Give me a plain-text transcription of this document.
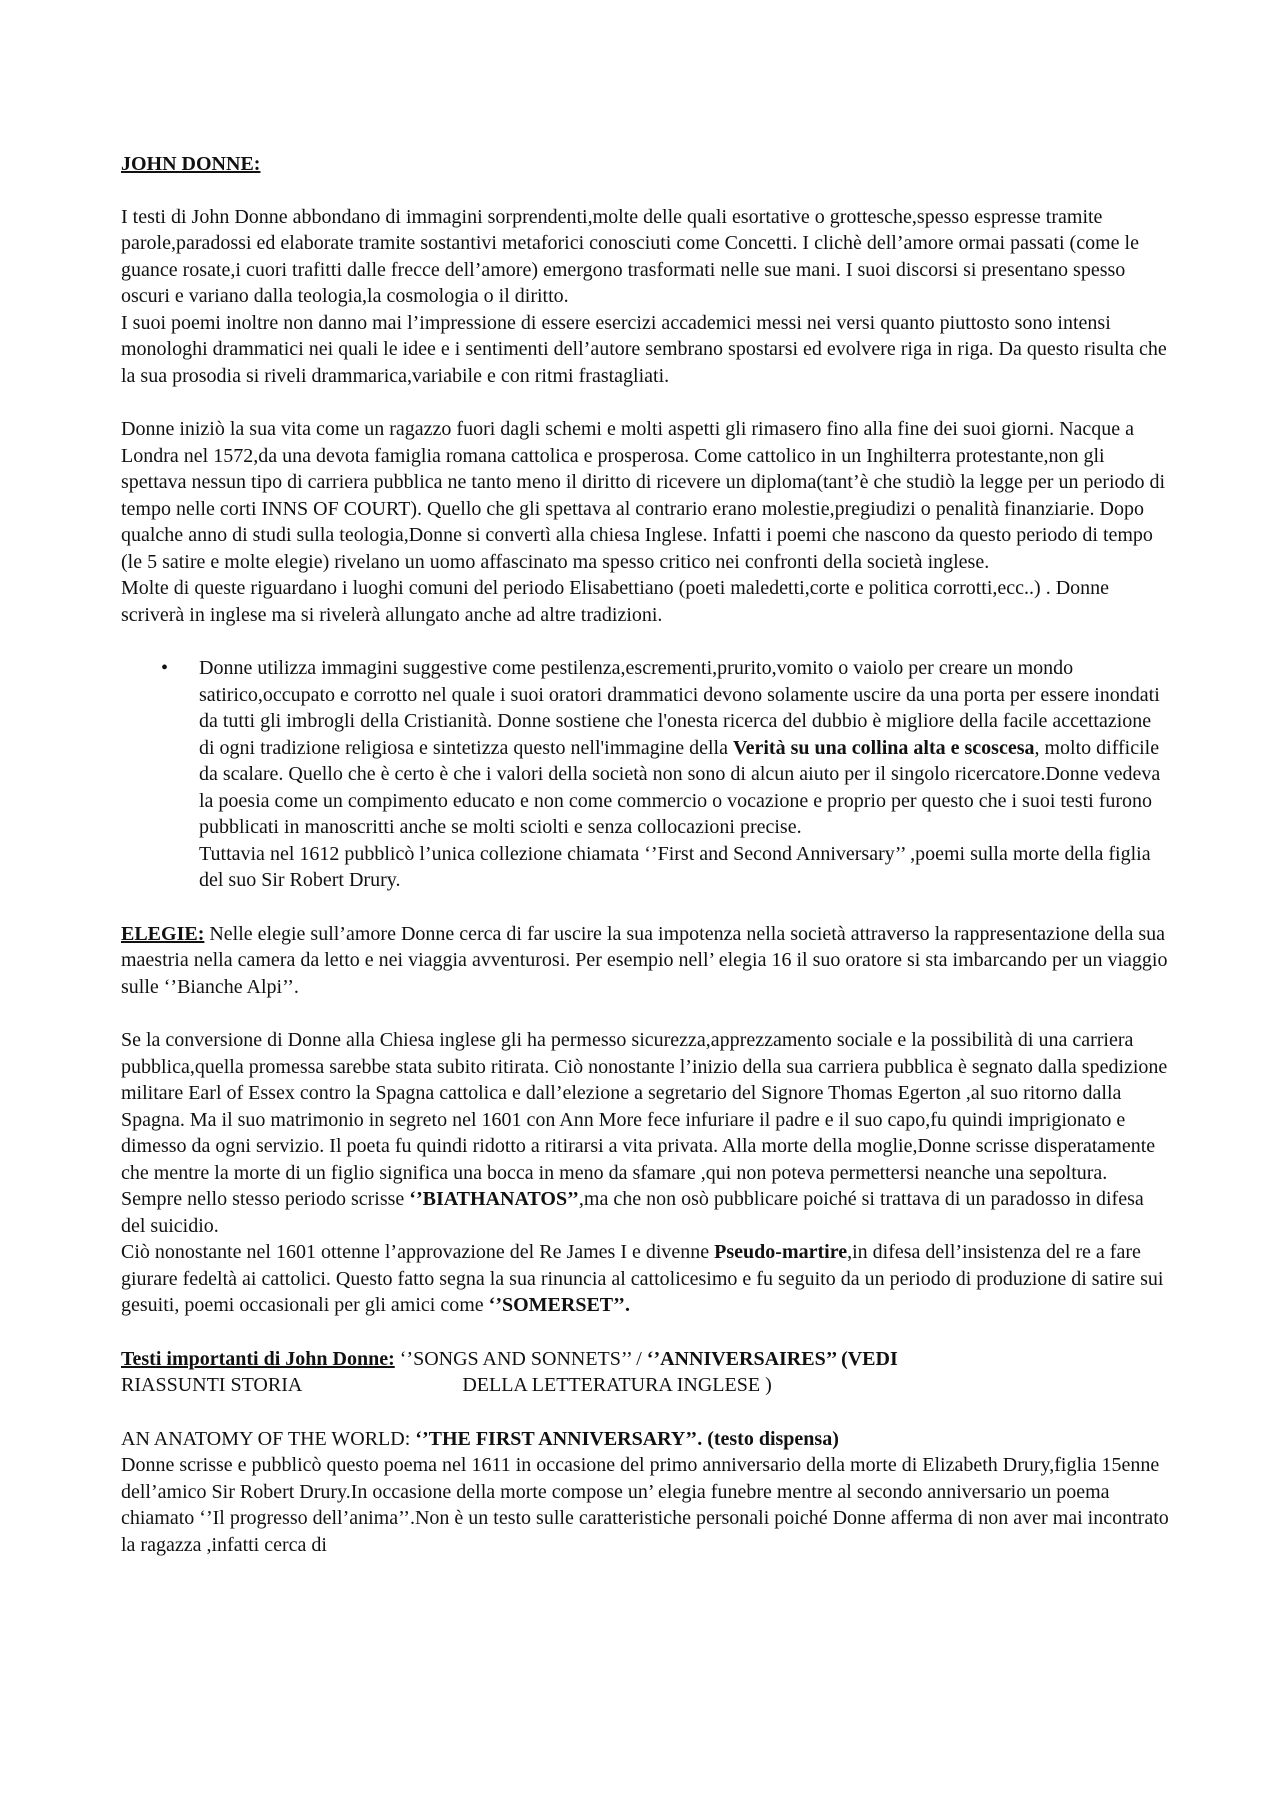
JOHN DONNE:

I testi di John Donne abbondano di immagini sorprendenti,molte delle quali esortative o grottesche,spesso espresse tramite parole,paradossi ed elaborate tramite sostantivi metaforici conosciuti come Concetti. I clichè dell’amore ormai passati (come le guance rosate,i cuori trafitti dalle frecce dell’amore) emergono trasformati nelle sue mani. I suoi discorsi si presentano spesso oscuri e variano dalla teologia,la cosmologia o il diritto.

I suoi poemi inoltre non danno mai l’impressione di essere esercizi accademici messi nei versi quanto piuttosto sono intensi monologhi drammatici nei quali le idee e i sentimenti dell’autore sembrano spostarsi ed evolvere riga in riga. Da questo risulta che la sua prosodia si riveli drammarica,variabile e con ritmi frastagliati.

Donne iniziò la sua vita come un ragazzo fuori dagli schemi e molti aspetti gli rimasero fino alla fine dei suoi giorni. Nacque a Londra nel 1572,da una devota famiglia romana cattolica e prosperosa. Come cattolico in un Inghilterra protestante,non gli spettava nessun tipo di carriera pubblica ne tanto meno il diritto di ricevere un diploma(tant’è che studiò la legge per un periodo di tempo nelle corti INNS OF COURT). Quello che gli spettava al contrario erano molestie,pregiudizi o penalità finanziarie. Dopo qualche anno di studi sulla teologia,Donne si convertì alla chiesa Inglese. Infatti i poemi che nascono da questo periodo di tempo (le 5 satire e molte elegie) rivelano un uomo affascinato ma spesso critico nei confronti della società inglese.

Molte di queste riguardano i luoghi comuni del periodo Elisabettiano (poeti maledetti,corte e politica corrotti,ecc..) . Donne scriverà in inglese ma si rivelerà allungato anche ad altre tradizioni.

• Donne utilizza immagini suggestive come pestilenza,escrementi,prurito,vomito o vaiolo per creare un mondo satirico,occupato e corrotto nel quale i suoi oratori drammatici devono solamente uscire da una porta per essere inondati da tutti gli imbrogli della Cristianità. Donne sostiene che l'onesta ricerca del dubbio è migliore della facile accettazione di ogni tradizione religiosa e sintetizza questo nell'immagine della Verità su una collina alta e scoscesa, molto difficile da scalare. Quello che è certo è che i valori della società non sono di alcun aiuto per il singolo ricercatore.Donne vedeva la poesia come un compimento educato e non come commercio o vocazione e proprio per questo che i suoi testi furono pubblicati in manoscritti anche se molti sciolti e senza collocazioni precise.

Tuttavia nel 1612 pubblicò l’unica collezione chiamata ‘’First and Second Anniversary’’ ,poemi sulla morte della figlia del suo Sir Robert Drury.

ELEGIE: Nelle elegie sull’amore Donne cerca di far uscire la sua impotenza nella società attraverso la rappresentazione della sua maestria nella camera da letto e nei viaggia avventurosi. Per esempio nell’ elegia 16 il suo oratore si sta imbarcando per un viaggio sulle ‘’Bianche Alpi’’.

Se la conversione di Donne alla Chiesa inglese gli ha permesso sicurezza,apprezzamento sociale e la possibilità di una carriera pubblica,quella promessa sarebbe stata subito ritirata. Ciò nonostante l’inizio della sua carriera pubblica è segnato dalla spedizione militare Earl of Essex contro la Spagna cattolica e dall’elezione a segretario del Signore Thomas Egerton ,al suo ritorno dalla Spagna. Ma il suo matrimonio in segreto nel 1601 con Ann More fece infuriare il padre e il suo capo,fu quindi imprigionato e dimesso da ogni servizio. Il poeta fu quindi ridotto a ritirarsi a vita privata. Alla morte della moglie,Donne scrisse disperatamente che mentre la morte di un figlio significa una bocca in meno da sfamare ,qui non poteva permettersi neanche una sepoltura. Sempre nello stesso periodo scrisse ‘’BIATHANATOS’’,ma che non osò pubblicare poiché si trattava di un paradosso in difesa del suicidio.

Ciò nonostante nel 1601 ottenne l’approvazione del Re James I e divenne Pseudo-martire,in difesa dell’insistenza del re a fare giurare fedeltà ai cattolici. Questo fatto segna la sua rinuncia al cattolicesimo e fu seguito da un periodo di produzione di satire sui gesuiti, poemi occasionali per gli amici come ‘’SOMERSET’’.

Testi importanti di John Donne: ‘’SONGS AND SONNETS’’ / ‘’ANNIVERSAIRES’’ (VEDI
RIASSUNTI STORIA	DELLA LETTERATURA INGLESE )

AN ANATOMY OF THE WORLD: ‘’THE FIRST ANNIVERSARY’’. (testo dispensa)

Donne scrisse e pubblicò questo poema nel 1611 in occasione del primo anniversario della morte di Elizabeth Drury,figlia 15enne dell’amico Sir Robert Drury.In occasione della morte compose un’ elegia funebre mentre al secondo anniversario un poema chiamato ‘’Il progresso dell’anima’’.Non è un testo sulle caratteristiche personali poiché Donne afferma di non aver mai incontrato la ragazza ,infatti cerca di
